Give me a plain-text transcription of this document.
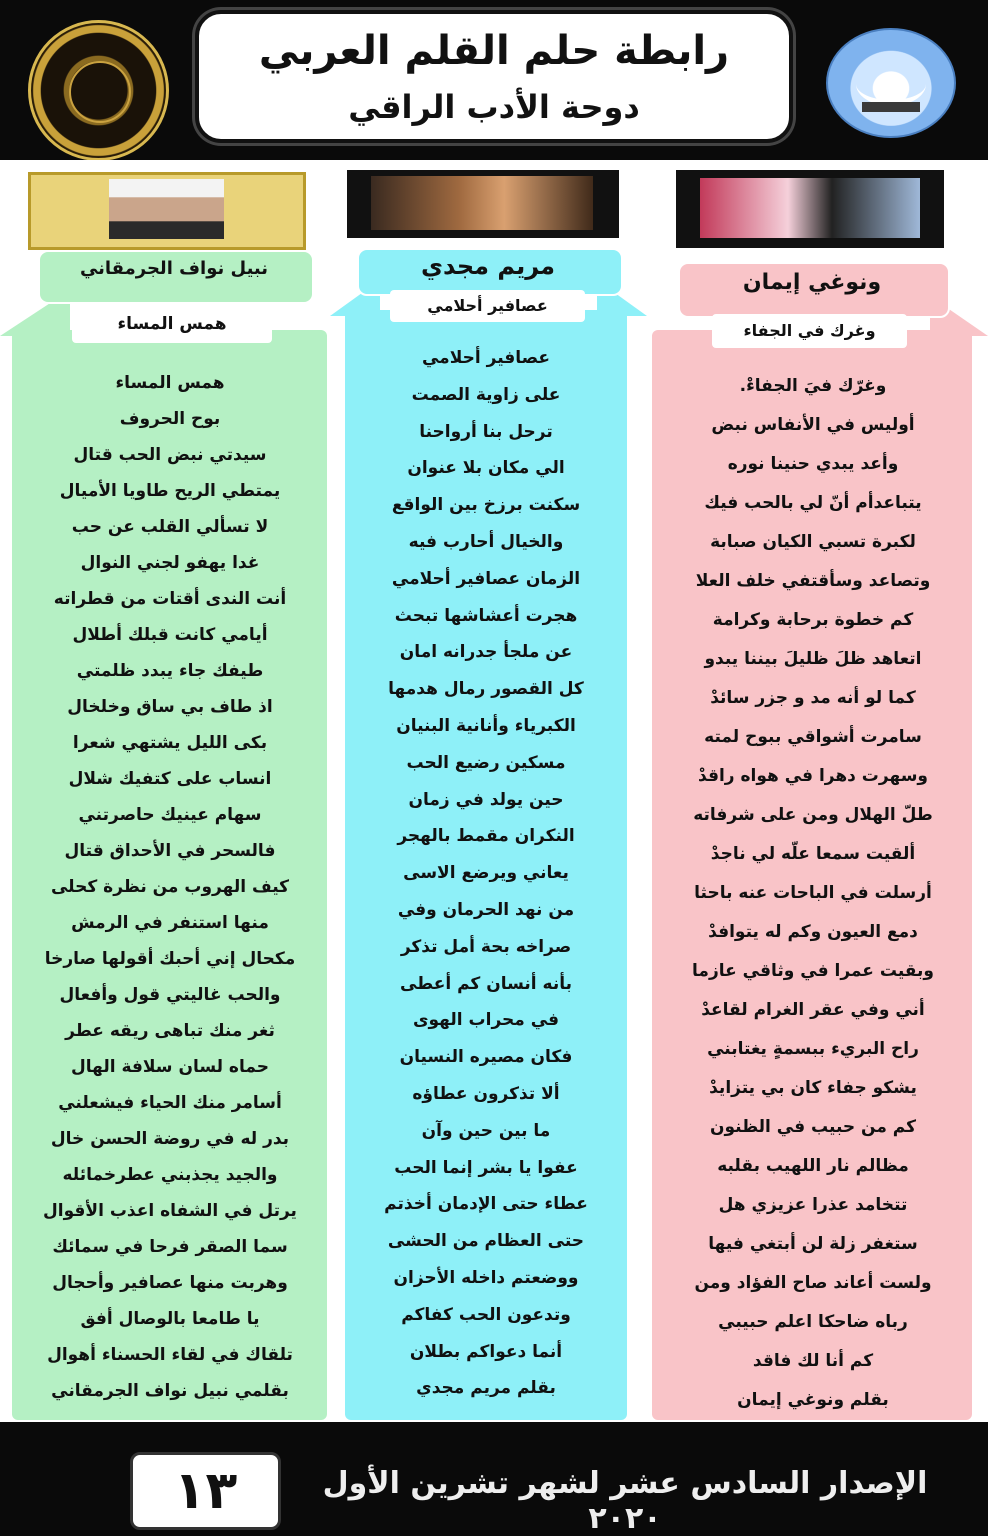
رابطة حلم القلم العربي
دوحة الأدب الراقي
نبيل نواف الجرمقاني	مريم مجدي
ونوغي إيمان
همس المساء
عصافير أحلامي
وغرك في الجفاء
همس المساء
بوح الحروف
سيدتي نبض الحب قتال
يمتطي الريح طاويا الأميال
لا تسألي القلب عن حب
غدا يهفو لجني النوال
أنت الندى أقتات من قطراته
أيامي كانت قبلك أطلال
طيفك جاء يبدد ظلمتي
اذ طاف بي ساق وخلخال
بكى الليل يشتهي شعرا
انساب على كتفيك شلال
سهام عينيك حاصرتني
فالسحر في الأحداق قتال
كيف الهروب من نظرة كحلى
منها استنفر في الرمش
مكحال إني أحبك أقولها صارخا
والحب غاليتي قول وأفعال
ثغر منك تباهى ريقه عطر
حماه لسان سلافة الهال
أسامر منك الحياء فيشعلني
بدر له في روضة الحسن خال
والجيد يجذبني عطرخمائله
يرتل في الشفاه اعذب الأقوال
سما الصقر فرحا في سمائك
وهربت منها عصافير وأحجال
يا طامعا بالوصال أفق
تلقاك في لقاء الحسناء أهوال
بقلمي نبيل نواف الجرمقاني
عصافير أحلامي
على زاوية الصمت
ترحل بنا أرواحنا
الي مكان بلا عنوان
سكنت برزخ بين الواقع
والخيال أحارب فيه
الزمان عصافير أحلامي
هجرت أعشاشها تبحث
عن ملجأ جدرانه امان
كل القصور رمال هدمها
الكبرياء وأنانية البنيان
مسكين رضيع الحب
حين يولد في زمان
النكران مقمط بالهجر
يعاني ويرضع الاسى
من نهد الحرمان وفي
صراخه بحة أمل تذكر
بأنه أنسان كم أعطى
في محراب الهوى
فكان مصيره النسيان
ألا تذكرون عطاؤه
ما بين حين وآن
عفوا يا بشر إنما الحب
عطاء حتى الإدمان أخذتم
حتى العظام من الحشى
ووضعتم داخله الأحزان
وتدعون الحب كفاكم
أنما دعواكم بطلان
بقلم مريم مجدي
وغرّك فيَ الجفاءْ.
أوليس في الأنفاس نبض
وأعد يبدي حنينا نوره
يتباعدأم أنّ لي بالحب فيك
لكبرة تسبي الكيان صبابة
وتصاعد وسأقتفي خلف العلا
كم خطوة برحابة وكرامة
اتعاهد ظلَ ظليلَ بيننا يبدو
كما لو أنه مد و جزر سائدْ
سامرت أشواقي ببوح لمته
وسهرت دهرا في هواه راقدْ
طلّ الهلال ومن على شرفاته
ألقيت سمعا علّه لي ناجدْ
أرسلت في الباحات عنه باحثا
دمع العيون وكم له يتوافدْ
وبقيت عمرا في وثاقي عازما
أني وفي عقر الغرام لقاعدْ
راح البريء ببسمةٍ يغتابني
يشكو جفاء كان بي يتزايدْ
كم من حبيب في الظنون
مظالم نار اللهيب بقلبه
تتخامد عذرا عزيزي هل
ستغفر زلة لن أبتغي فيها
ولست أعاند صاح الفؤاد ومن
رباه ضاحكا اعلم حبيبي
كم أنا لك فاقد
بقلم ونوغي إيمان
١٣	الإصدار السادس عشر لشهر تشرين الأول ٢٠٢٠
